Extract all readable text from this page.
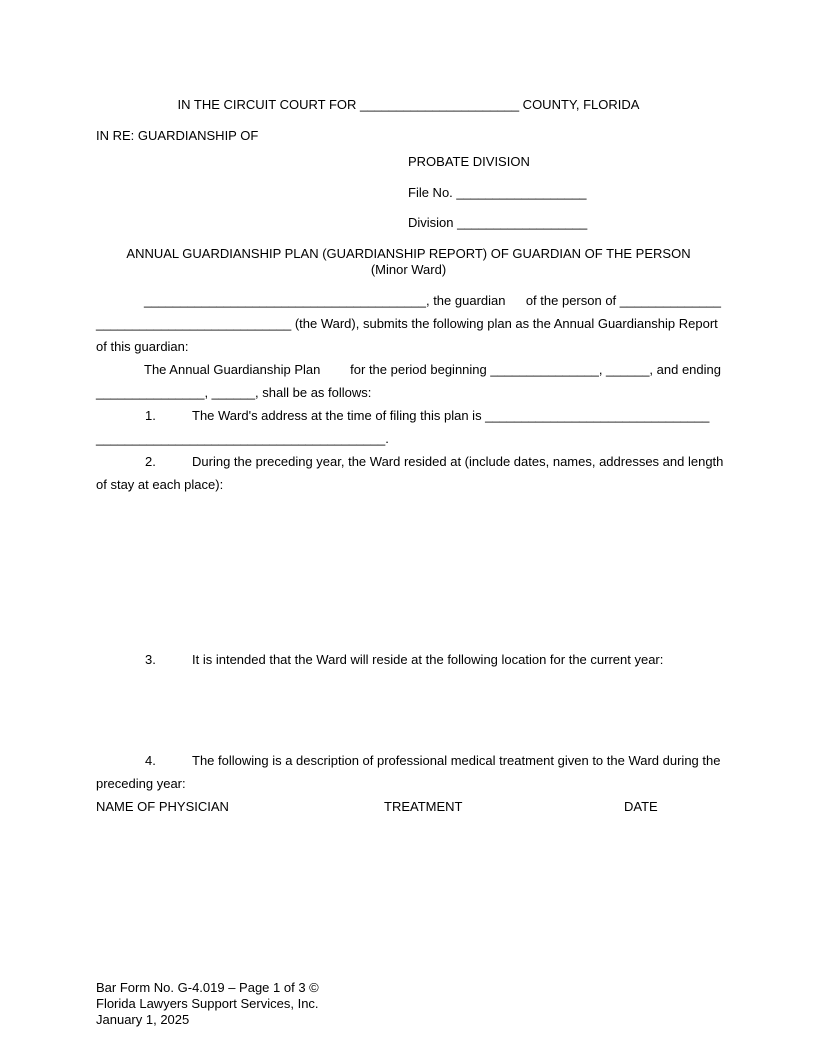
IN THE CIRCUIT COURT FOR ______________________ COUNTY, FLORIDA
IN RE: GUARDIANSHIP OF
PROBATE DIVISION
File No. __________________
Division __________________
ANNUAL GUARDIANSHIP PLAN (GUARDIANSHIP REPORT) OF GUARDIAN OF THE PERSON
(Minor Ward)
_______________________________________, the guardian of the person of ______________
___________________________ (the Ward), submits the following plan as the Annual Guardianship Report
of this guardian:
The Annual Guardianship Plan for the period beginning _______________, ______, and ending
_______________, ______, shall be as follows:
1.	The Ward's address at the time of filing this plan is _______________________________
________________________________________.
2.	During the preceding year, the Ward resided at (include dates, names, addresses and length
of stay at each place):
3.	It is intended that the Ward will reside at the following location for the current year:
4.	The following is a description of professional medical treatment given to the Ward during the
preceding year:
NAME OF PHYSICIAN	TREATMENT	DATE
Bar Form No. G-4.019 – Page 1 of 3 ©
Florida Lawyers Support Services, Inc.
January 1, 2025
